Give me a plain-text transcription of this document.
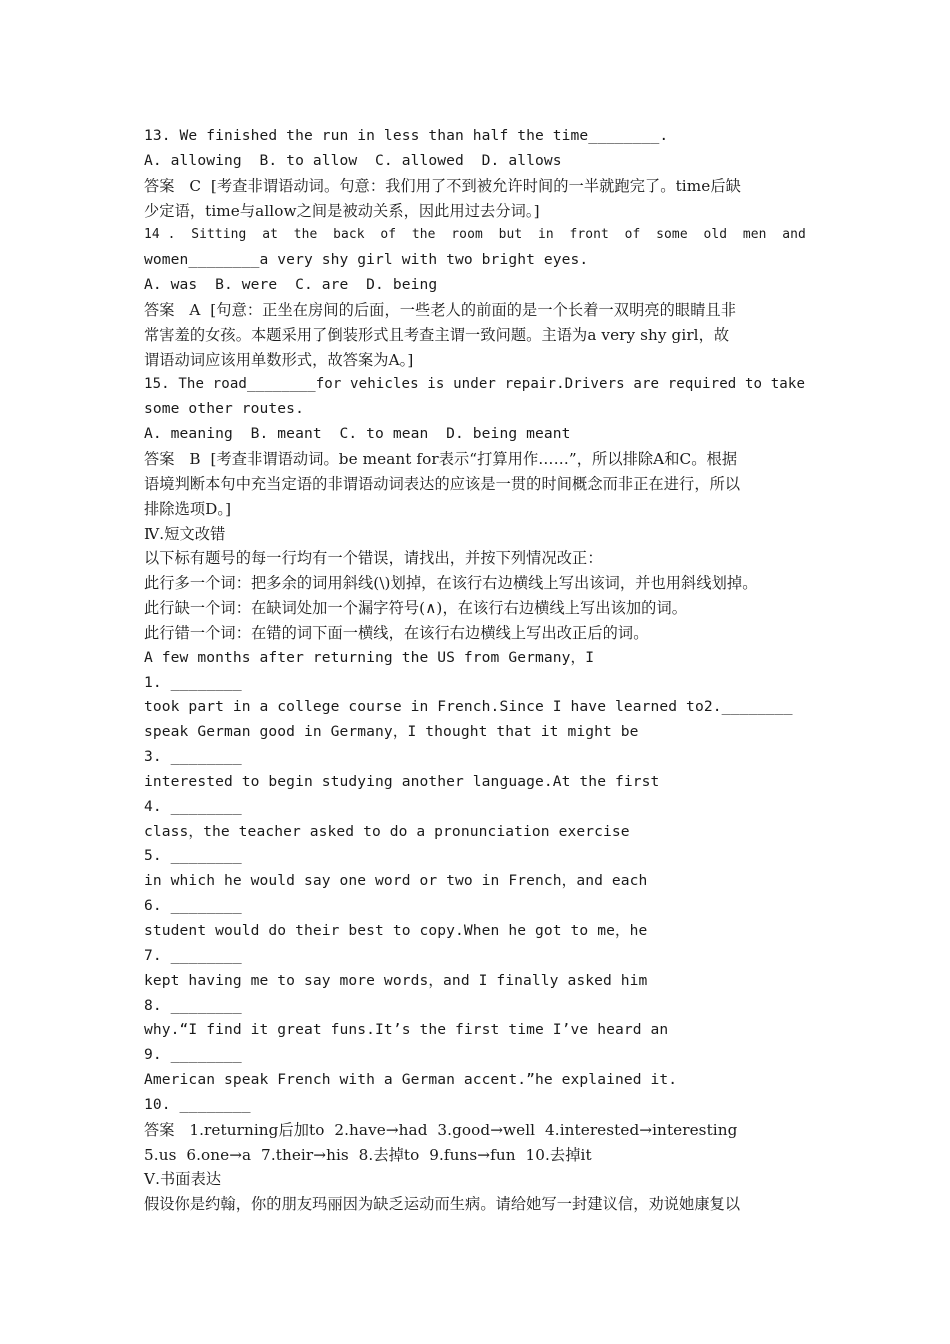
13. We finished the run in less than half the time________.
A. allowing  B. to allow  C. allowed  D. allows
答案   C  [考查非谓语动词。句意：我们用了不到被允许时间的一半就跑完了。time后缺
少定语，time与allow之间是被动关系，因此用过去分词。]
14 .  Sitting  at  the  back  of  the  room  but  in  front  of  some  old  men  and
women________a very shy girl with two bright eyes.
A. was  B. were  C. are  D. being
答案   A  [句意：正坐在房间的后面，一些老人的前面的是一个长着一双明亮的眼睛且非
常害羞的女孩。本题采用了倒装形式且考查主谓一致问题。主语为a very shy girl，故
谓语动词应该用单数形式，故答案为A。]
15. The road________for vehicles is under repair.Drivers are required to take
some other routes.
A. meaning  B. meant  C. to mean  D. being meant
答案   B  [考查非谓语动词。be meant for表示“打算用作……”，所以排除A和C。根据
语境判断本句中充当定语的非谓语动词表达的应该是一贯的时间概念而非正在进行，所以
排除选项D。]
Ⅳ.短文改错
以下标有题号的每一行均有一个错误，请找出，并按下列情况改正：
此行多一个词：把多余的词用斜线(\)划掉，在该行右边横线上写出该词，并也用斜线划掉。
此行缺一个词：在缺词处加一个漏字符号(∧)，在该行右边横线上写出该加的词。
此行错一个词：在错的词下面一横线，在该行右边横线上写出改正后的词。
A few months after returning the US from Germany，I
1. ________
took part in a college course in French.Since I have learned to2.________
speak German good in Germany，I thought that it might be
3. ________
interested to begin studying another language.At the first
4. ________
class，the teacher asked to do a pronunciation exercise
5. ________
in which he would say one word or two in French，and each
6. ________
student would do their best to copy.When he got to me，he
7. ________
kept having me to say more words，and I finally asked him
8. ________
why.“I find it great funs.It’s the first time I’ve heard an
9. ________
American speak French with a German accent.”he explained it.
10. ________
答案   1.returning后加to  2.have→had  3.good→well  4.interested→interesting
5.us  6.one→a  7.their→his  8.去掉to  9.funs→fun  10.去掉it
Ⅴ.书面表达
假设你是约翰，你的朋友玛丽因为缺乏运动而生病。请给她写一封建议信，劝说她康复以
